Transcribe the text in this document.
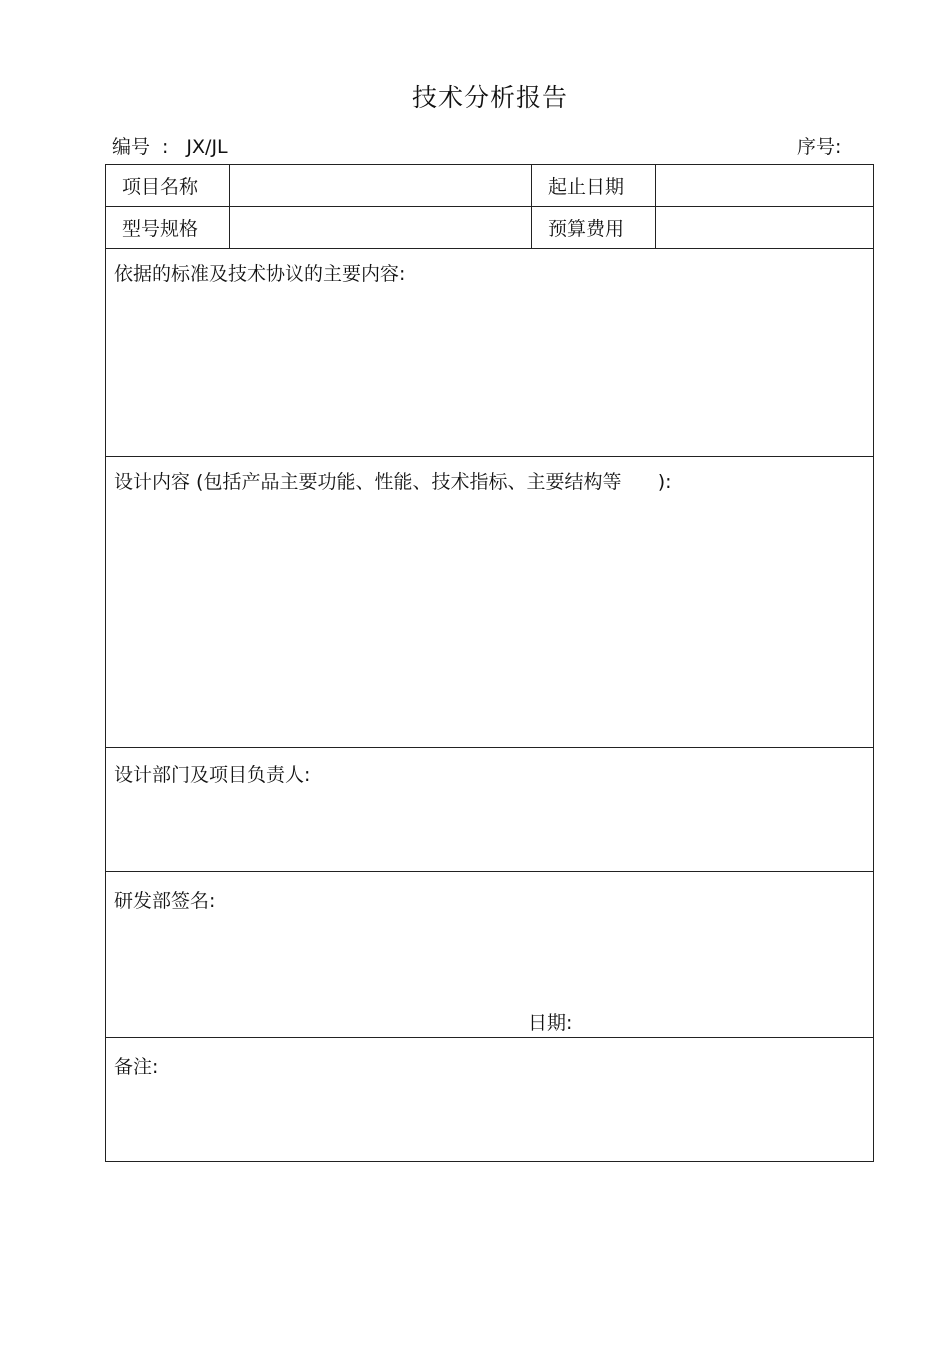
技术分析报告
编号 : JX/JL	序号:
项目名称	起止日期
型号规格	预算费用
依据的标准及技术协议的主要内容:
设计内容 (包括产品主要功能、性能、技术指标、主要结构等      ):
设计部门及项目负责人:
研发部签名:
日期:
备注:
